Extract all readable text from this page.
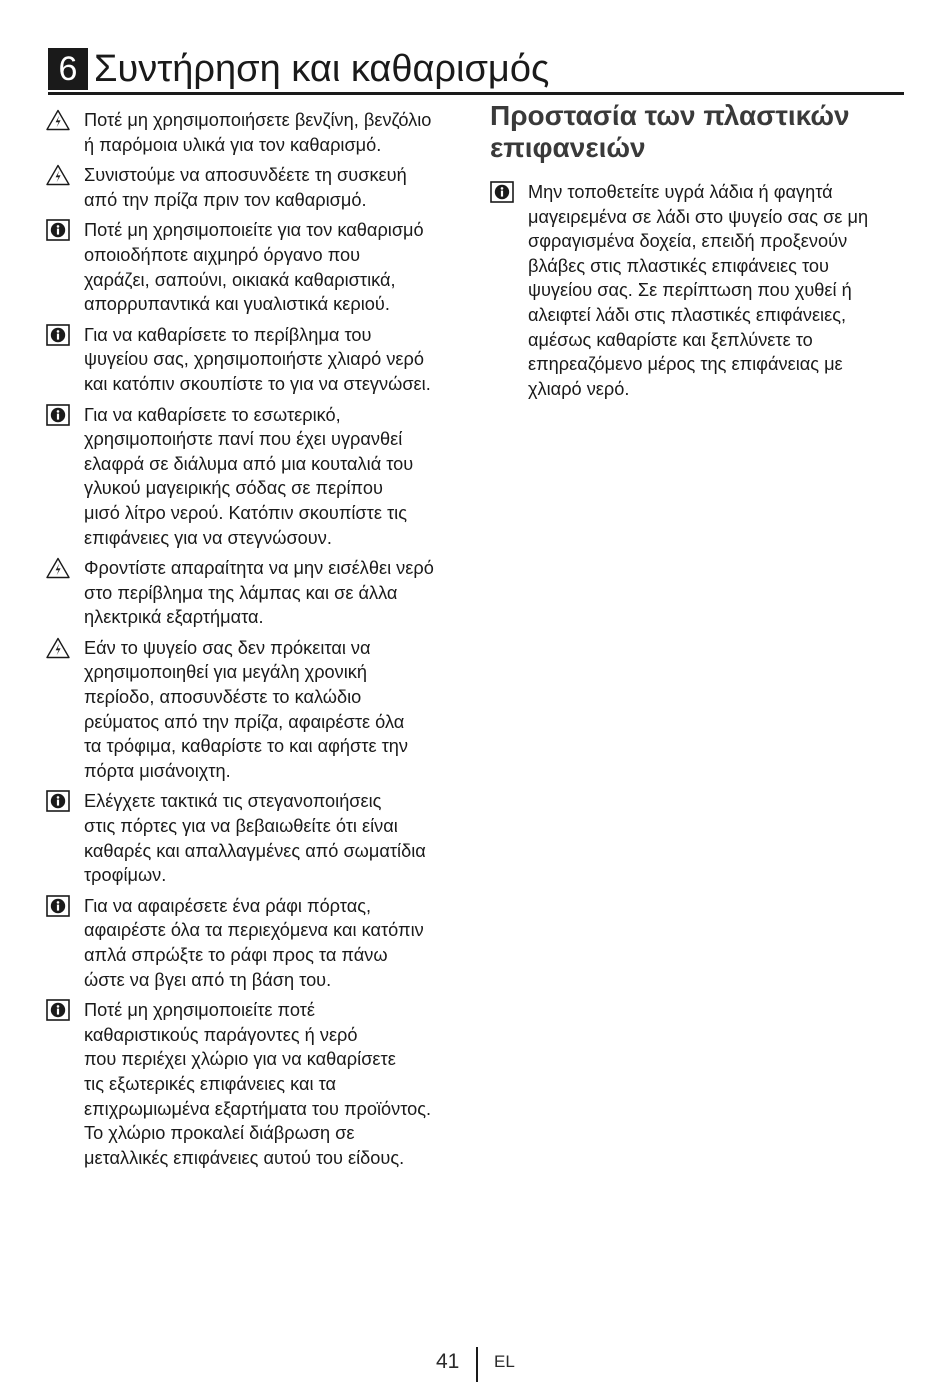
6 Συντήρηση και καθαρισμός
Ποτέ μη χρησιμοποιήσετε βενζίνη, βενζόλιο
ή παρόμοια υλικά για τον καθαρισμό.
Συνιστούμε να αποσυνδέετε τη συσκευή
από την πρίζα πριν τον καθαρισμό.
Ποτέ μη χρησιμοποιείτε για τον καθαρισμό
οποιοδήποτε αιχμηρό όργανο που
χαράζει, σαπούνι, οικιακά καθαριστικά,
απορρυπαντικά και γυαλιστικά κεριού.
Για να καθαρίσετε το περίβλημα του
ψυγείου σας, χρησιμοποιήστε χλιαρό νερό
και κατόπιν σκουπίστε το για να στεγνώσει.
Για να καθαρίσετε το εσωτερικό,
χρησιμοποιήστε πανί που έχει υγρανθεί
ελαφρά σε διάλυμα από μια κουταλιά του
γλυκού μαγειρικής σόδας σε περίπου
μισό λίτρο νερού. Κατόπιν σκουπίστε τις
επιφάνειες για να στεγνώσουν.
Φροντίστε απαραίτητα να μην εισέλθει νερό
στο περίβλημα της λάμπας και σε άλλα
ηλεκτρικά εξαρτήματα.
Εάν το ψυγείο σας δεν πρόκειται να
χρησιμοποιηθεί για μεγάλη χρονική
περίοδο, αποσυνδέστε το καλώδιο
ρεύματος από την πρίζα, αφαιρέστε όλα
τα τρόφιμα, καθαρίστε το και αφήστε την
πόρτα μισάνοιχτη.
Ελέγχετε τακτικά τις στεγανοποιήσεις
στις πόρτες για να βεβαιωθείτε ότι είναι
καθαρές και απαλλαγμένες από σωματίδια
τροφίμων.
Για να αφαιρέσετε ένα ράφι πόρτας,
αφαιρέστε όλα τα περιεχόμενα και κατόπιν
απλά σπρώξτε το ράφι προς τα πάνω
ώστε να βγει από τη βάση του.
Ποτέ μη χρησιμοποιείτε ποτέ
καθαριστικούς παράγοντες ή νερό
που περιέχει χλώριο για να καθαρίσετε
τις εξωτερικές επιφάνειες και τα
επιχρωμιωμένα εξαρτήματα του προϊόντος.
Το χλώριο προκαλεί διάβρωση σε
μεταλλικές επιφάνειες αυτού του είδους.
Προστασία των πλαστικών
επιφανειών
Μην τοποθετείτε υγρά λάδια ή φαγητά
μαγειρεμένα σε λάδι στο ψυγείο σας σε μη
σφραγισμένα δοχεία, επειδή προξενούν
βλάβες στις πλαστικές επιφάνειες του
ψυγείου σας. Σε περίπτωση που χυθεί ή
αλειφτεί λάδι στις πλαστικές επιφάνειες,
αμέσως καθαρίστε και ξεπλύνετε το
επηρεαζόμενο μέρος της επιφάνειας με
χλιαρό νερό.
41 EL
